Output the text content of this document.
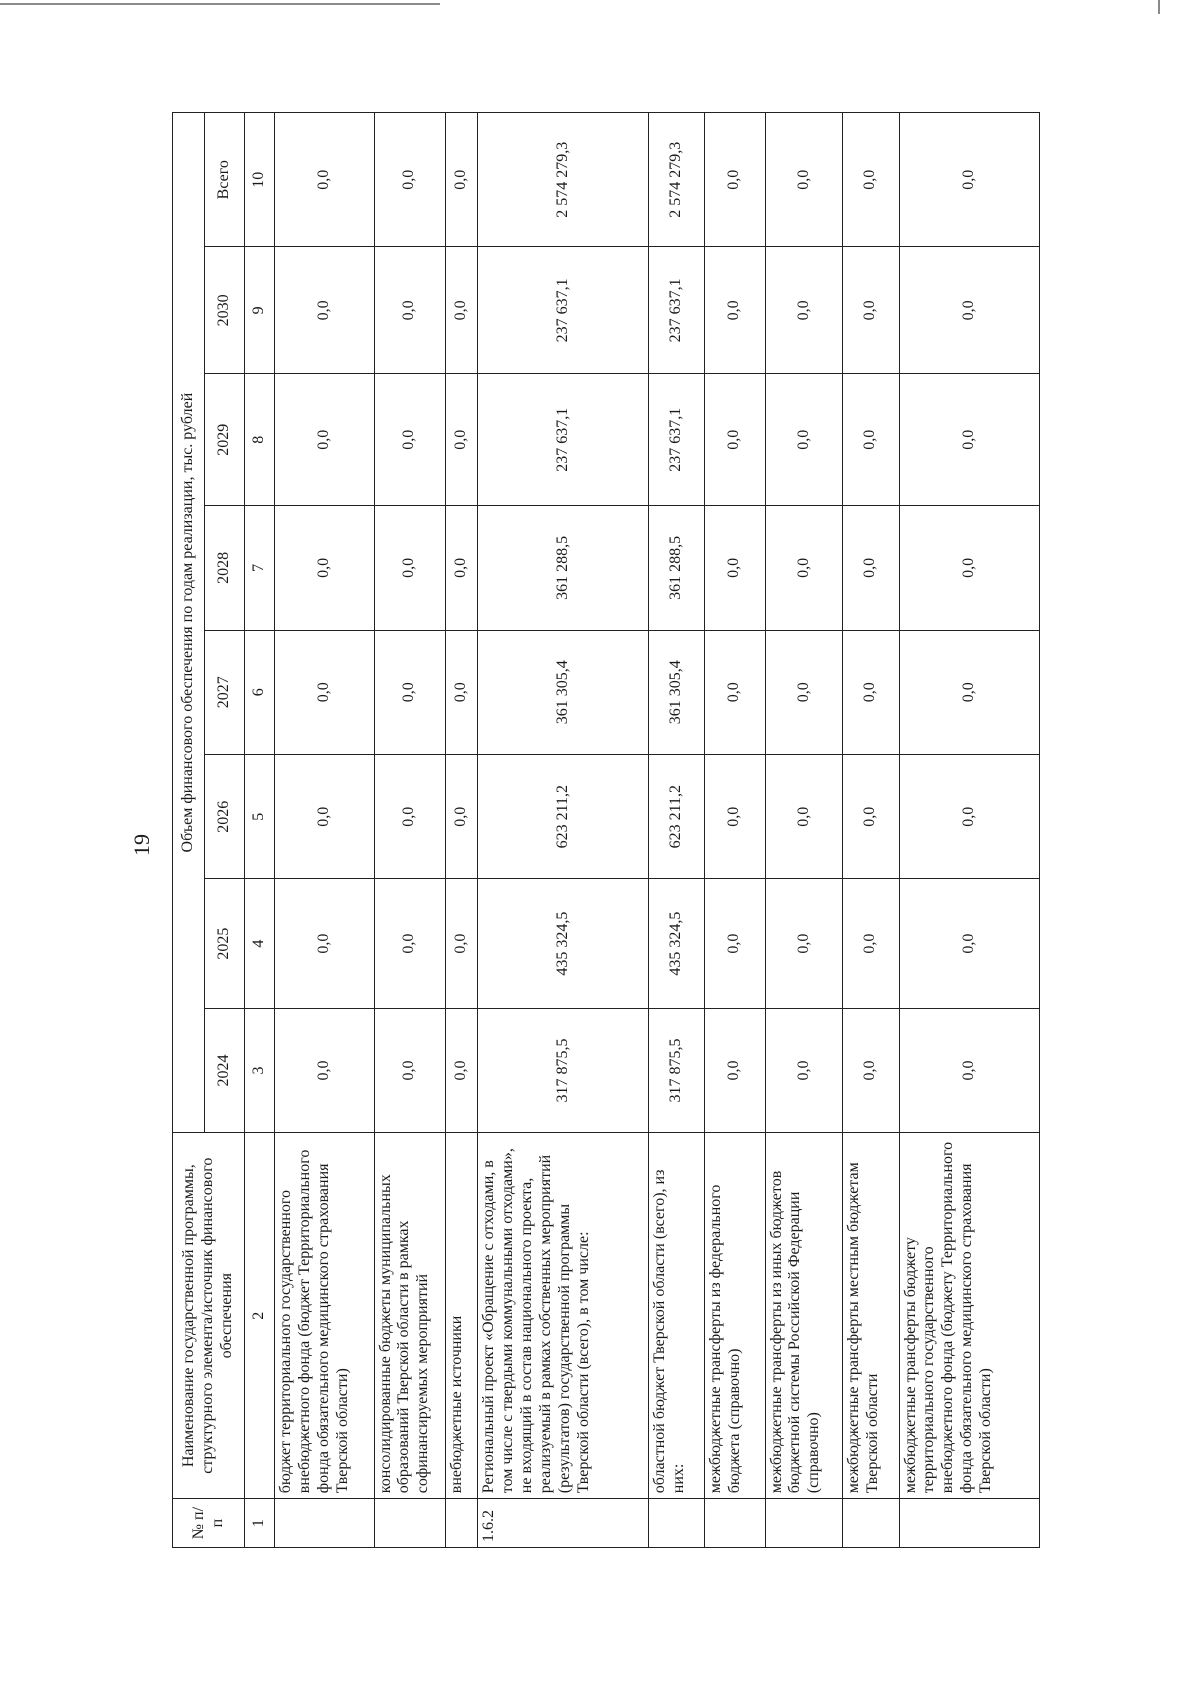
19
№ п/п	Наименование государственной программы, структурного элемента/источник финансового обеспечения	Объем финансового обеспечения по годам реализации, тыс. рублей							
		2024	2025	2026	2027	2028	2029	2030	Всего
1	2	3	4	5	6	7	8	9	10
	бюджет территориального государственного внебюджетного фонда (бюджет Территориального фонда обязательного медицинского страхования Тверской области)	0,0	0,0	0,0	0,0	0,0	0,0	0,0	0,0
	консолидированные бюджеты муниципальных образований Тверской области в рамках софинансируемых мероприятий	0,0	0,0	0,0	0,0	0,0	0,0	0,0	0,0
	внебюджетные источники	0,0	0,0	0,0	0,0	0,0	0,0	0,0	0,0
1.6.2	Региональный проект «Обращение с отходами, в том числе с твердыми коммунальными отходами», не входящий в состав национального проекта, реализуемый в рамках собственных мероприятий (результатов) государственной программы Тверской области (всего), в том числе:	317 875,5	435 324,5	623 211,2	361 305,4	361 288,5	237 637,1	237 637,1	2 574 279,3
	областной бюджет Тверской области (всего), из них:	317 875,5	435 324,5	623 211,2	361 305,4	361 288,5	237 637,1	237 637,1	2 574 279,3
	межбюджетные трансферты из федерального бюджета (справочно)	0,0	0,0	0,0	0,0	0,0	0,0	0,0	0,0
	межбюджетные трансферты из иных бюджетов бюджетной системы Российской Федерации (справочно)	0,0	0,0	0,0	0,0	0,0	0,0	0,0	0,0
	межбюджетные трансферты местным бюджетам Тверской области	0,0	0,0	0,0	0,0	0,0	0,0	0,0	0,0
	межбюджетные трансферты бюджету территориального государственного внебюджетного фонда (бюджету Территориального фонда обязательного медицинского страхования Тверской области)	0,0	0,0	0,0	0,0	0,0	0,0	0,0	0,0
